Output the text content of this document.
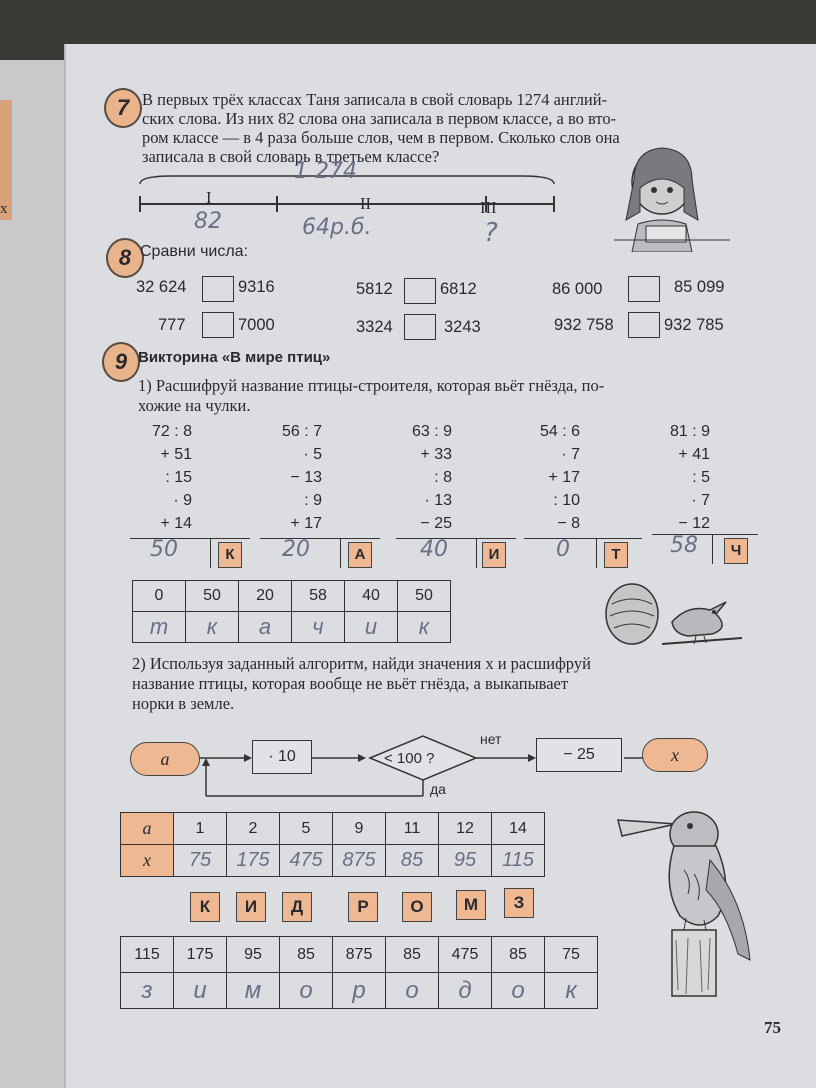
х
7 В первых трёх классах Таня записала в свой словарь 1274 англий-
ских слова. Из них 82 слова она записала в первом классе, а во вто-
ром классе — в 4 раза больше слов, чем в первом. Сколько слов она
записала в свой словарь в третьем классе?
1 274
I	II	III
82	64р.б.	?
8 Сравни числа:
32 624	9316	5812	6812	86 000	85 099
777	7000	3324	3243	932 758	932 785
9 Викторина «В мире птиц»
1) Расшифруй название птицы-строителя, которая вьёт гнёзда, по-
хожие на чулки.
72 : 8
+ 51
: 15
· 9
+ 14
50	К
56 : 7
· 5
− 13
: 9
+ 17
20	А
63 : 9
+ 33
: 8
· 13
− 25
40	И
54 : 6
· 7
+ 17
: 10
− 8
0	Т
81 : 9
+ 41
: 5
· 7
− 12
58	Ч
0	50	20	58	40	50
т	к	а	ч	и	к
2) Используя заданный алгоритм, найди значения x и расшифруй
название птицы, которая вообще не вьёт гнёзда, а выкапывает
норки в земле.
a	· 10	< 100 ?
нет
да
− 25	x
a	1	2	5	9	11	12	14
x	75	175	475	875	85	95	115
К	И	Д	Р	О	М	З
115	175	95	85	875	85	475	85	75
з	и	м	о	р	о	д	о	к
75
